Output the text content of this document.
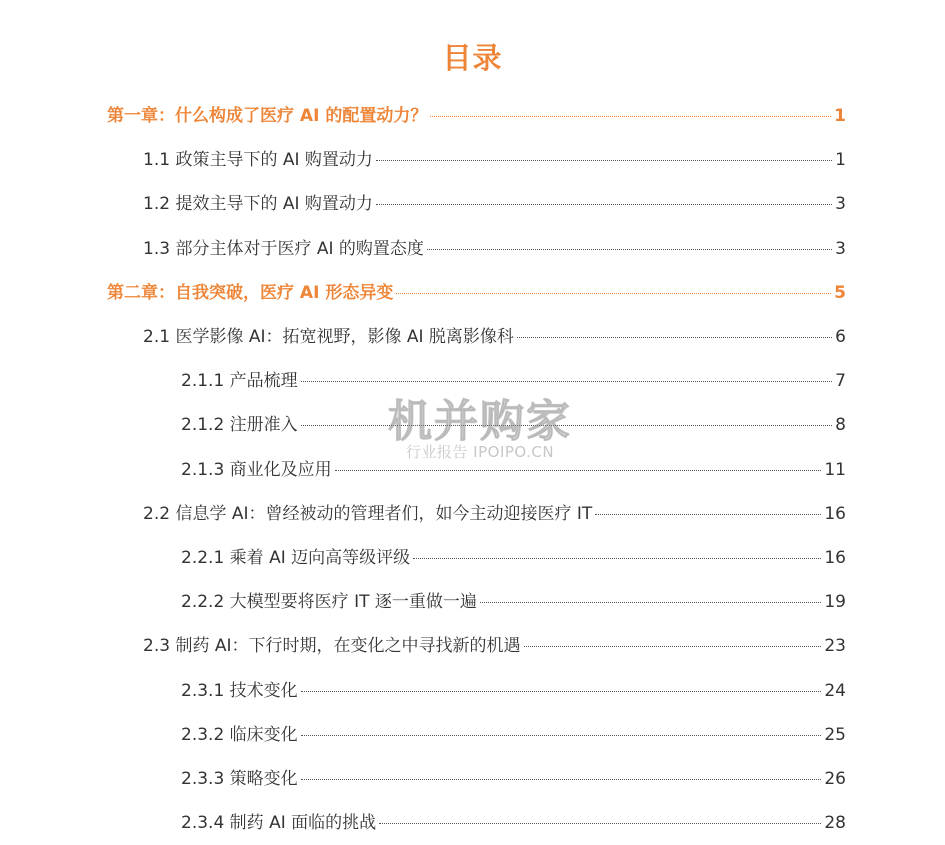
目录
第一章：什么构成了医疗 AI 的配置动力？	1
1.1 政策主导下的 AI 购置动力	1
1.2 提效主导下的 AI 购置动力	3
1.3 部分主体对于医疗 AI 的购置态度	3
第二章：自我突破，医疗 AI 形态异变	5
2.1 医学影像 AI：拓宽视野，影像 AI 脱离影像科	6
2.1.1 产品梳理	7
2.1.2 注册准入	8
2.1.3 商业化及应用	11
2.2 信息学 AI：曾经被动的管理者们，如今主动迎接医疗 IT	16
2.2.1 乘着 AI 迈向高等级评级	16
2.2.2 大模型要将医疗 IT 逐一重做一遍	19
2.3 制药 AI：下行时期，在变化之中寻找新的机遇	23
2.3.1 技术变化	24
2.3.2 临床变化	25
2.3.3 策略变化	26
2.3.4 制药 AI 面临的挑战	28
机并购家
行业报告 IPOIPO.CN
